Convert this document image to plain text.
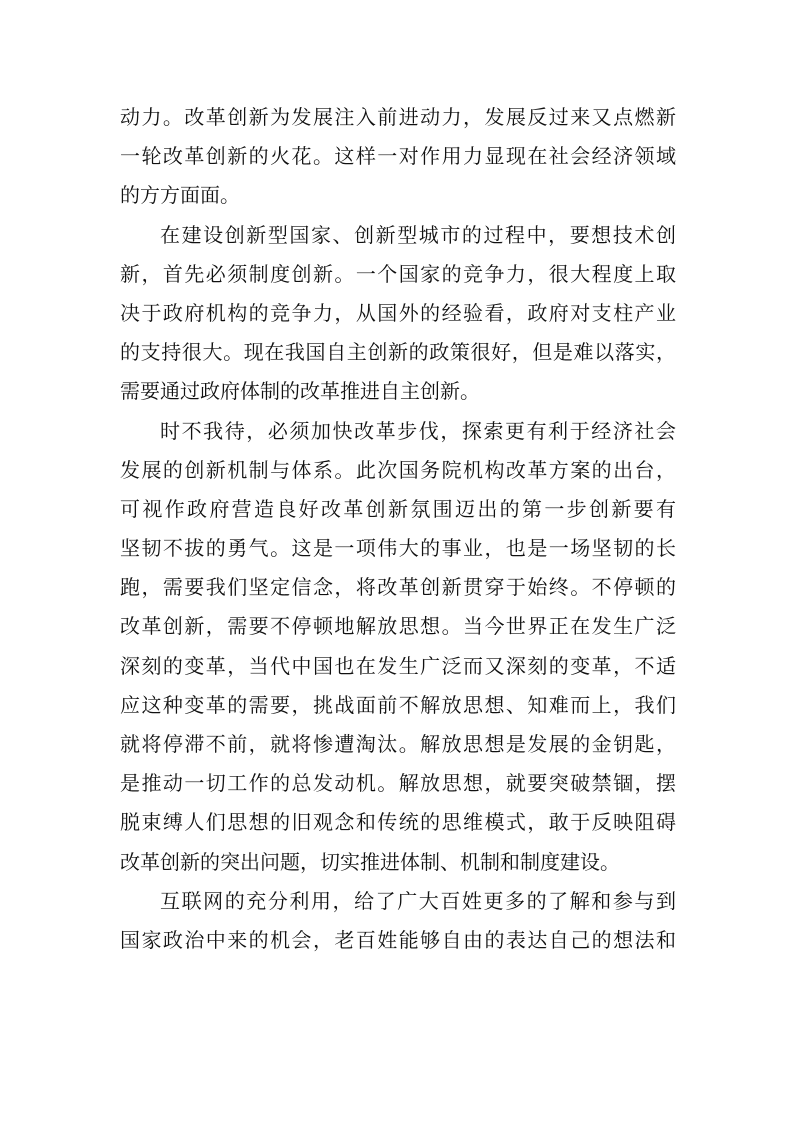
动力。改革创新为发展注入前进动力，发展反过来又点燃新
一轮改革创新的火花。这样一对作用力显现在社会经济领域
的方方面面。
在建设创新型国家、创新型城市的过程中，要想技术创
新，首先必须制度创新。一个国家的竞争力，很大程度上取
决于政府机构的竞争力，从国外的经验看，政府对支柱产业
的支持很大。现在我国自主创新的政策很好，但是难以落实，
需要通过政府体制的改革推进自主创新。
时不我待，必须加快改革步伐，探索更有利于经济社会
发展的创新机制与体系。此次国务院机构改革方案的出台，
可视作政府营造良好改革创新氛围迈出的第一步创新要有
坚韧不拔的勇气。这是一项伟大的事业，也是一场坚韧的长
跑，需要我们坚定信念，将改革创新贯穿于始终。不停顿的
改革创新，需要不停顿地解放思想。当今世界正在发生广泛
深刻的变革，当代中国也在发生广泛而又深刻的变革，不适
应这种变革的需要，挑战面前不解放思想、知难而上，我们
就将停滞不前，就将惨遭淘汰。解放思想是发展的金钥匙，
是推动一切工作的总发动机。解放思想，就要突破禁锢，摆
脱束缚人们思想的旧观念和传统的思维模式，敢于反映阻碍
改革创新的突出问题，切实推进体制、机制和制度建设。
互联网的充分利用，给了广大百姓更多的了解和参与到
国家政治中来的机会，老百姓能够自由的表达自己的想法和
